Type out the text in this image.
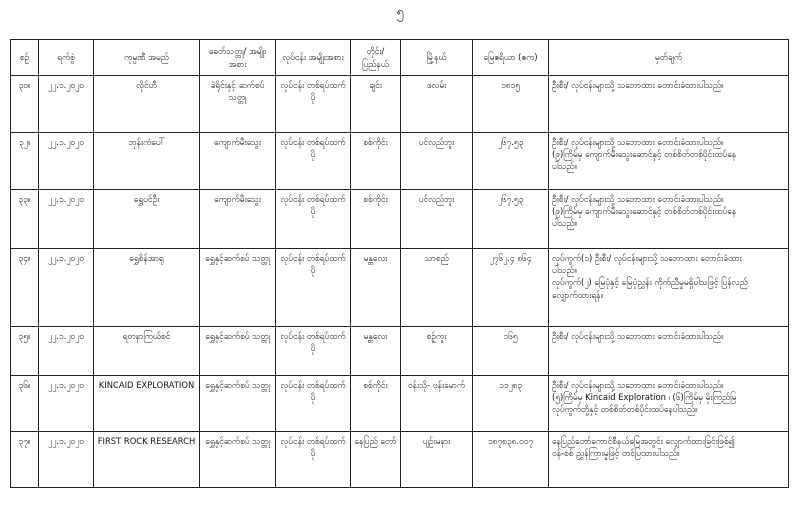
၅
စဉ်	ရက်စွဲ	ကုမ္ပဏီ အမည်	ခေတ်သတ္တု/ အမျိုးအစား	လုပ်ငန်း အမျိုးအစား	တိုင်း/ ပြည်နယ်	မြို့နယ်	မြေဧရိယာ (ဧက)	မှတ်ချက်
၃၀။	၂၂.၁.၂၀၂၀	လိုင်ဟီ	ခဲရိုင်းနှင့် ဆက်စပ်သတ္တု	လုပ်ငန်း တစ်ရပ်ထက်ပို	ချင်း	ဖလမ်း	၁၈၁၅	ဦးစီး/ လုပ်ငန်းများသို့ သဘောထား တောင်းခံထားပါသည်။

၃၂။	၂၂.၁.၂၀၂၀	ဘုန်းကံပေါ်	ကျောက်မီးသွေး	လုပ်ငန်း တစ်ရပ်ထက်ပို	စစ်ကိုင်း	ပင်လည်ဘူး	၂၆၇.၅၃	ဦးစီး/ လုပ်ငန်းများသို့ သဘောထား တောင်းခံထားပါသည်။
(၉)ကြိမ်မှ ကျောက်မီးသွေးဆောင်နှင့် တစ်စိတ်တစ်ပိုင်းထပ်နေ
ပါသည်။

၃၃။	၂၂.၁.၂၀၂၀	ရွှေပင်ဦး	ကျောက်မီးသွေး	လုပ်ငန်း တစ်ရပ်ထက်ပို	စစ်ကိုင်း	ပင်လည်ဘူး	၂၆၇.၅၃	ဦးစီး/ လုပ်ငန်းများသို့ သဘောထား တောင်းခံထားပါသည်။
(၉)ကြိမ်မှ ကျောက်မီးသွေးဆောင်နှင့် တစ်စိတ်တစ်ပိုင်းထပ်နေ
ပါသည်။

၃၄။	၂၂.၁.၂၀၂၀	ရွှေစိန်အာရု	ရွှေနှင့်ဆက်စပ် သတ္တု	လုပ်ငန်း တစ်ရပ်ထက်ပို	မန္တလေး	သာစည်	၂၇၆၂.၄ ၈၆၄	လုပ်ကွက်(၁) ဦးစီး/ လုပ်ငန်းများသို့ သဘောထား တောင်းခံထား
ပါသည်။
လုပ်ကွက်(၂) မြေပုံနှင့် မြေပုံညွှန်း ကိုက်ညီမှုမရှိပါသဖြင့် ပြန်လည်
လျှောက်ထားရန်။

၃၅။	၂၂.၁.၂၀၂၀	ရတနာကြယ်စင်	ရွှေနှင့်ဆက်စပ် သတ္တု	လုပ်ငန်း တစ်ရပ်ထက်ပို	မန္တလေး	စဉ့်ကူး	၁၆၅	ဦးစီး/ လုပ်ငန်းများသို့ သဘောထား တောင်းခံထားပါသည်။

၃၆။	၂၂.၁.၂၀၂၀	KINCAID EXPLORATION	ရွှေနှင့်ဆက်စပ် သတ္တု	လုပ်ငန်း တစ်ရပ်ထက်ပို	စစ်ကိုင်း	ဝန်းသို- ဗန်းမောက်	၁၁၂၈၃	ဦးစီး/ လုပ်ငန်းများသို့ သဘောထား တောင်းခံထားပါသည်။
(၅)ကြိမ်မှ Kincaid Exploration ၊ (၆)ကြိမ်မှ မိုးကြည်မြ
လုပ်ကွက်တို့နှင့် တစ်စိတ်တစ်ပိုင်းထပ်နေပါသည်။

၃၇။	၂၂.၁.၂၀၂၀	FIRST ROCK RESEARCH	ရွှေနှင့်ဆက်စပ် သတ္တု	လုပ်ငန်း တစ်ရပ်ထက်ပို	နေပြည် တော်	ပျဉ်းမနား	၁၈၇၈၃၈.၀၀၇	နေပြည်တော်ကောင်စီနယ်မြေအတွင်း လျှောက်ထားခြင်းဖြစ်၍
ဝန်-စစ် ညွှန်ကြားမှုဖြင့် တင်ပြထားပါသည်။
